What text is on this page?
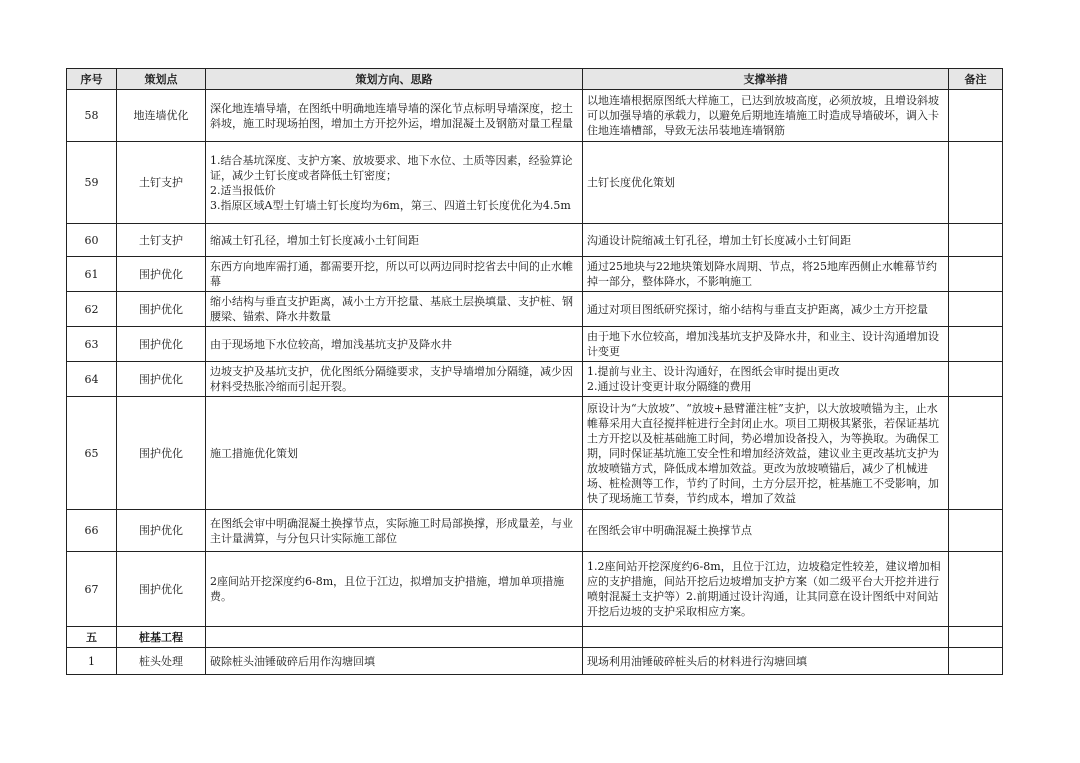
序号	策划点	策划方向、思路	支撑举措	备注
58	地连墙优化	深化地连墙导墙，在图纸中明确地连墙导墙的深化节点标明导墙深度，挖土斜坡，施工时现场拍图，增加土方开挖外运，增加混凝土及钢筋对量工程量	以地连墙根据原图纸大样施工，已达到放坡高度，必须放坡，且增设斜坡可以加强导墙的承载力，以避免后期地连墙施工时造成导墙破坏，调入卡住地连墙槽部，导致无法吊装地连墙钢筋	
59	土钉支护	1.结合基坑深度、支护方案、放坡要求、地下水位、土质等因素，经验算论证，减少土钉长度或者降低土钉密度；
2.适当报低价
3.指原区域A型土钉墙土钉长度均为6m，第三、四道土钉长度优化为4.5m	土钉长度优化策划	
60	土钉支护	缩减土钉孔径，增加土钉长度减小土钉间距	沟通设计院缩减土钉孔径，增加土钉长度减小土钉间距	
61	围护优化	东西方向地库需打通，都需要开挖，所以可以两边同时挖省去中间的止水帷幕	通过25地块与22地块策划降水周期、节点，将25地库西侧止水帷幕节约掉一部分，整体降水，不影响施工	
62	围护优化	缩小结构与垂直支护距离，减小土方开挖量、基底土层换填量、支护桩、钢腰梁、锚索、降水井数量	通过对项目图纸研究探讨，缩小结构与垂直支护距离，减少土方开挖量	
63	围护优化	由于现场地下水位较高，增加浅基坑支护及降水井	由于地下水位较高，增加浅基坑支护及降水井，和业主、设计沟通增加设计变更	
64	围护优化	边坡支护及基坑支护，优化图纸分隔缝要求，支护导墙增加分隔缝，减少因材料受热胀冷缩而引起开裂。	1.提前与业主、设计沟通好，在图纸会审时提出更改
2.通过设计变更计取分隔缝的费用	
65	围护优化	施工措施优化策划	原设计为“大放坡”、“放坡+悬臂灌注桩”支护，以大放坡喷锚为主，止水帷幕采用大直径搅拌桩进行全封闭止水。项目工期极其紧张，若保证基坑土方开挖以及桩基础施工时间，势必增加设备投入，为等换取。为确保工期，同时保证基坑施工安全性和增加经济效益，建议业主更改基坑支护为放坡喷锚方式，降低成本增加效益。更改为放坡喷锚后，减少了机械进场、桩检测等工作，节约了时间，土方分层开挖，桩基施工不受影响，加快了现场施工节奏，节约成本，增加了效益	
66	围护优化	在图纸会审中明确混凝土换撑节点，实际施工时局部换撑，形成量差，与业主计量满算，与分包只计实际施工部位	在图纸会审中明确混凝土换撑节点	
67	围护优化	2座间站开挖深度约6-8m，且位于江边，拟增加支护措施，增加单项措施费。	1.2座间站开挖深度约6-8m，且位于江边，边坡稳定性较差，建议增加相应的支护措施，间站开挖后边坡增加支护方案（如二级平台大开挖并进行喷射混凝土支护等）2.前期通过设计沟通，让其同意在设计图纸中对间站开挖后边坡的支护采取相应方案。	
五	桩基工程			
1	桩头处理	破除桩头油锤破碎后用作沟塘回填	现场利用油锤破碎桩头后的材料进行沟塘回填	
